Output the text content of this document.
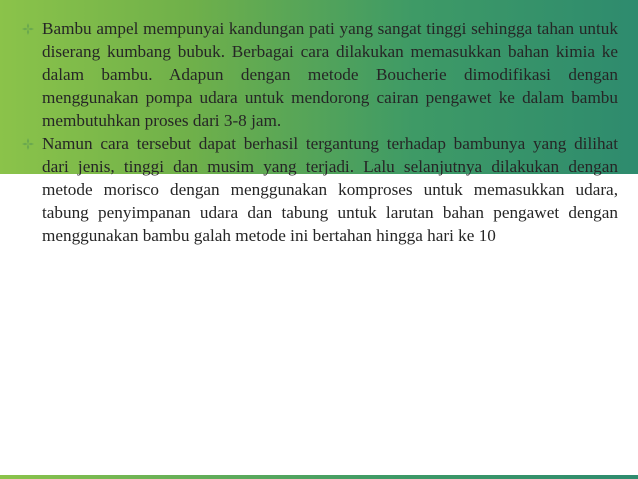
Bambu ampel mempunyai kandungan pati yang sangat tinggi sehingga tahan untuk diserang kumbang bubuk. Berbagai cara dilakukan memasukkan bahan kimia ke dalam bambu. Adapun dengan metode Boucherie dimodifikasi dengan menggunakan pompa udara untuk mendorong cairan pengawet ke dalam bambu membutuhkan proses dari 3-8 jam.
Namun cara tersebut dapat berhasil tergantung terhadap bambunya yang dilihat dari jenis, tinggi dan musim yang terjadi. Lalu selanjutnya dilakukan dengan metode morisco dengan menggunakan komproses untuk memasukkan udara, tabung penyimpanan udara dan tabung untuk larutan bahan pengawet dengan menggunakan bambu galah metode ini bertahan hingga hari ke 10
